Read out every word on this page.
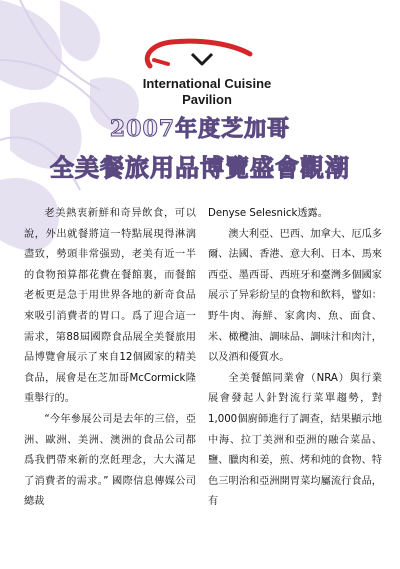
International Cuisine
Pavilion
2007年度芝加哥
全美餐旅用品博覽盛會觀潮

老美熱衷新鮮和奇异飲食，可以說，外出就餐將這一特點展現得淋漓盡致，勢頭非常强勁，老美有近一半的食物預算都花費在餐館裏，而餐館老板更是急于用世界各地的新奇食品來吸引消費者的胃口。爲了迎合這一需求，第88屆國際食品展全美餐旅用品博覽會展示了來自12個國家的精美食品，展會是在芝加哥McCormick隆重舉行的。

“今年參展公司是去年的三倍，亞洲、歐洲、美洲、澳洲的食品公司都爲我們帶來新的烹飪理念，大大滿足了消費者的需求。” 國際信息傳媒公司總裁

Denyse Selesnick透露。

澳大利亞、巴西、加拿大、厄瓜多爾、法國、香港、意大利、日本、馬來西亞、墨西哥、西班牙和臺灣多個國家展示了异彩紛呈的食物和飲料，譬如：野牛肉、海鮮、家禽肉、魚、面食、米、橄欖油、調味品、調味汁和肉汁，以及酒和優質水。

全美餐館同業會（NRA）與行業展會發起人針對流行菜單趨勢，對1,000個廚師進行了調查，結果顯示地中海、拉丁美洲和亞洲的融合菜品、鹽、臘肉和姜，煎、烤和炖的食物、特色三明治和亞洲開胃菜均屬流行食品，有
